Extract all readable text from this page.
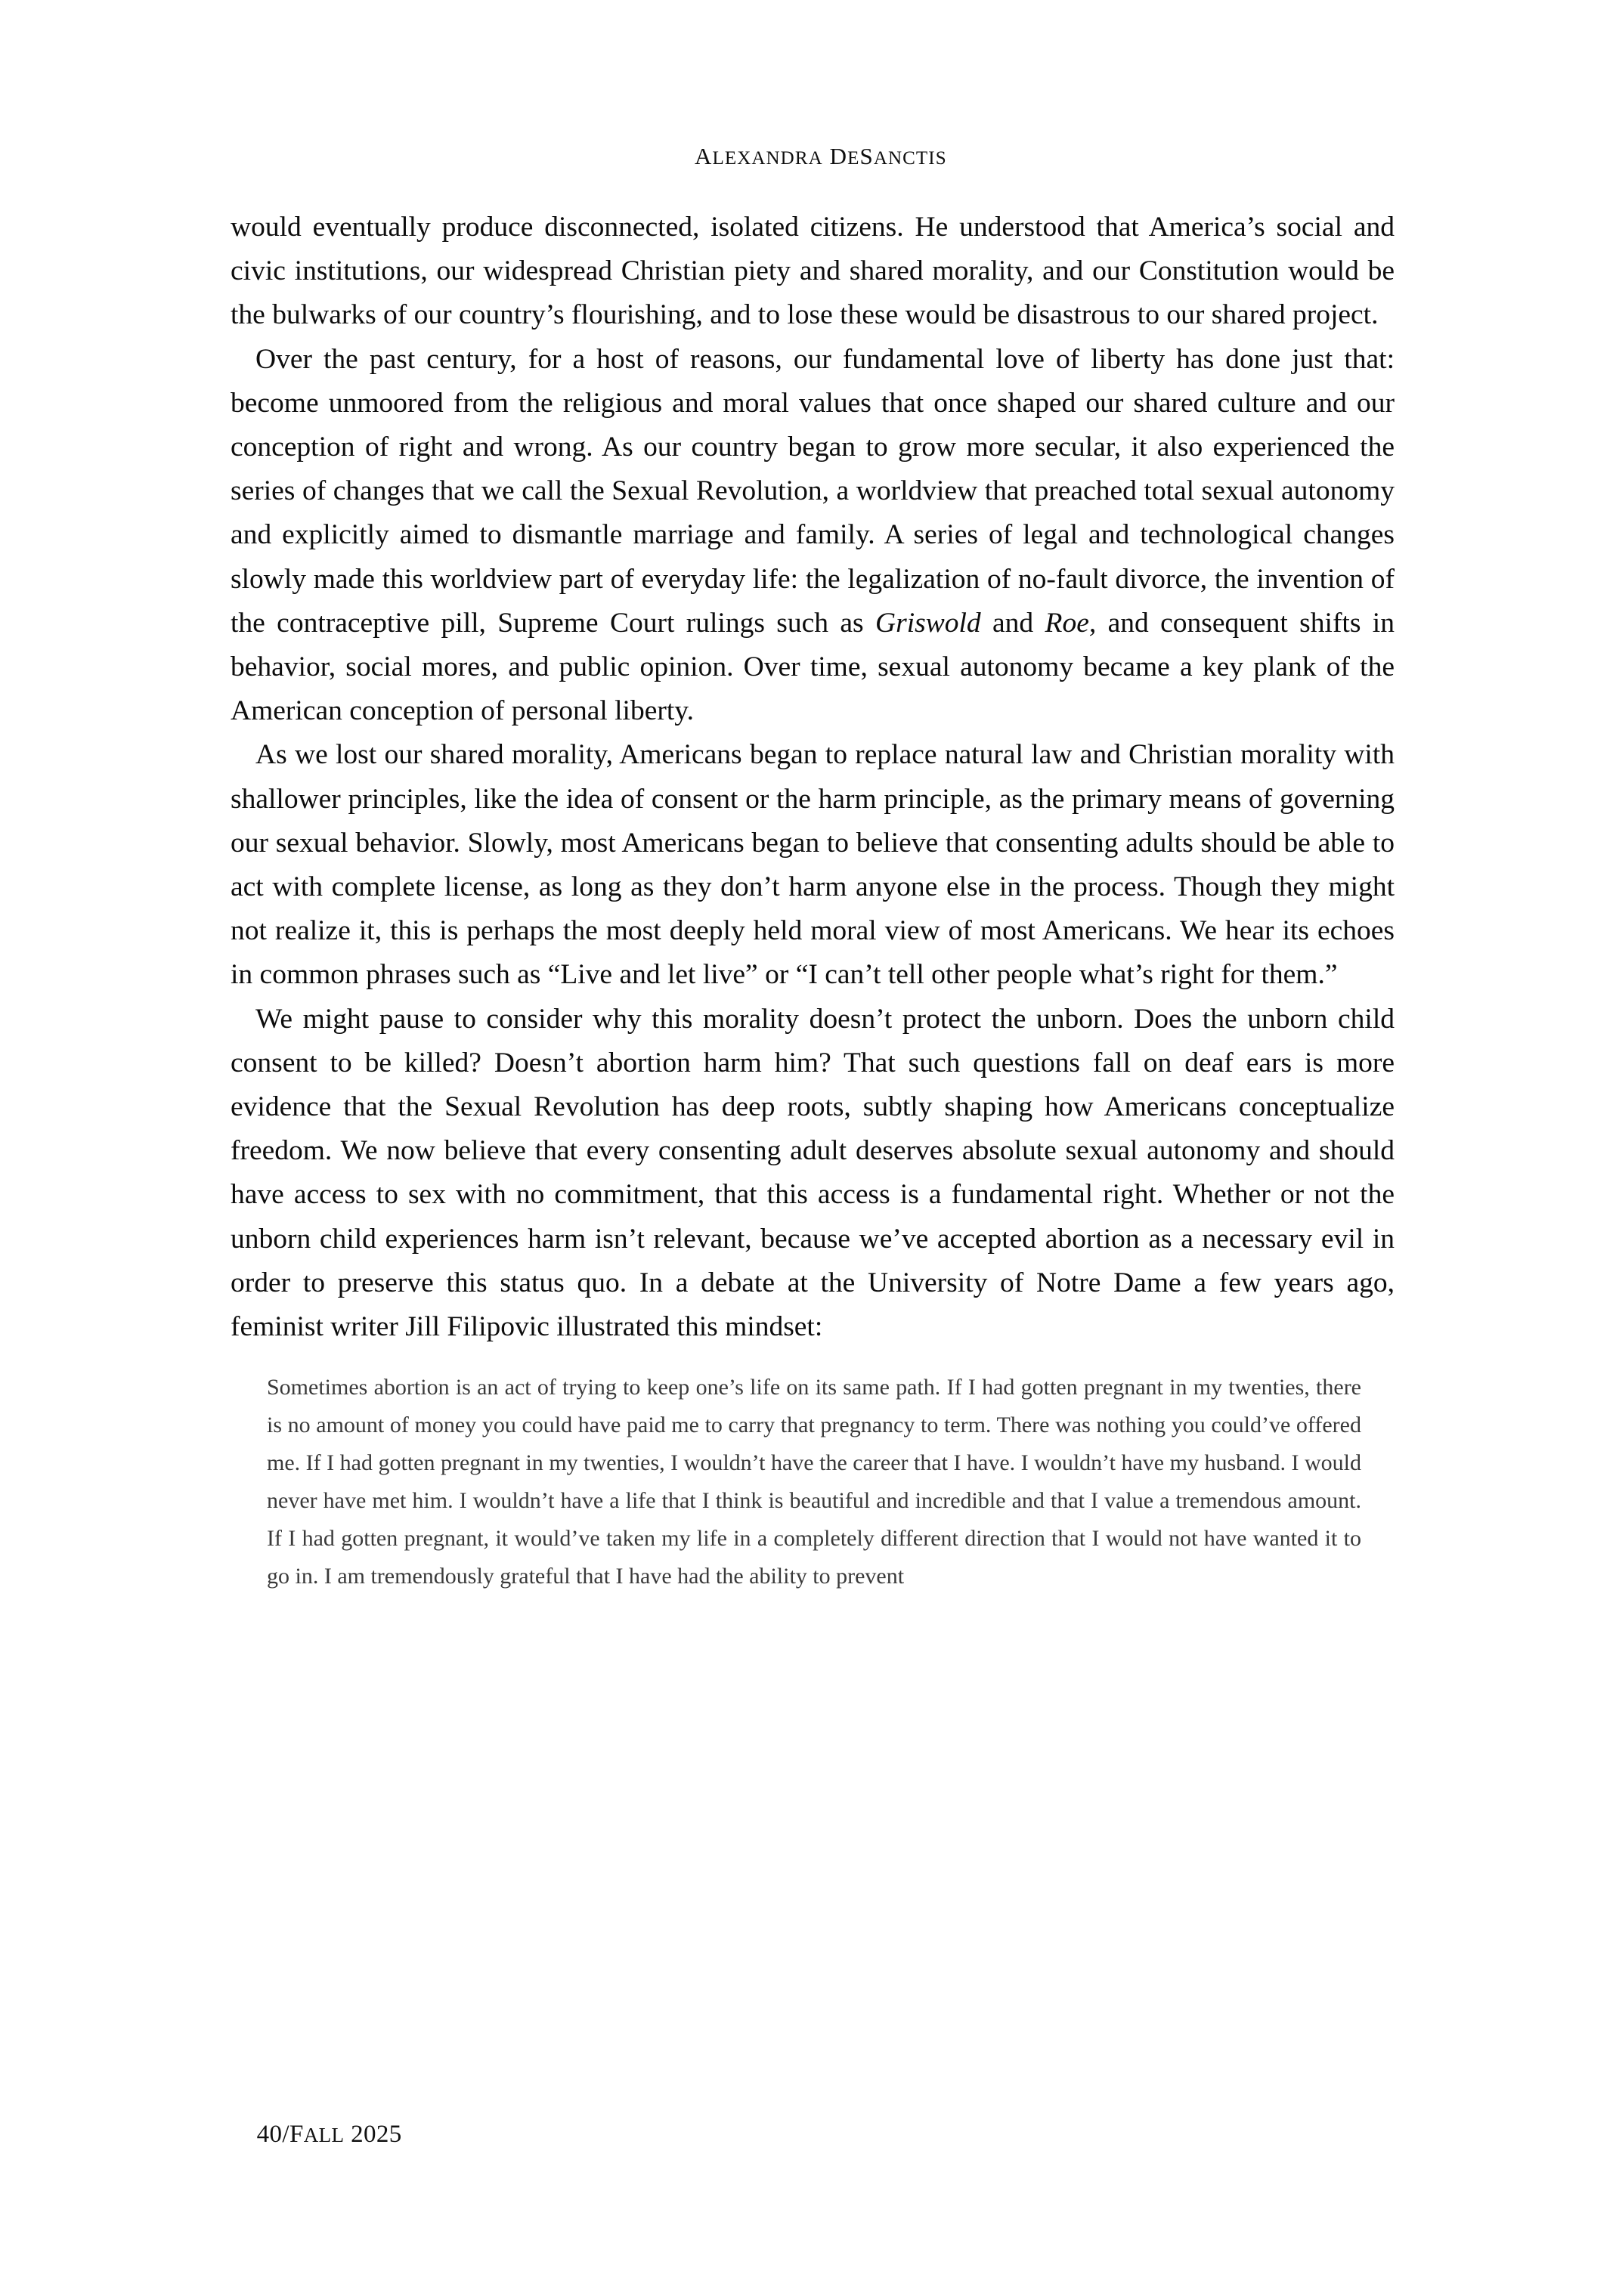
ALEXANDRA DESANCTIS

would eventually produce disconnected, isolated citizens. He understood that America’s social and civic institutions, our widespread Christian piety and shared morality, and our Constitution would be the bulwarks of our country’s flourishing, and to lose these would be disastrous to our shared project.

Over the past century, for a host of reasons, our fundamental love of liberty has done just that: become unmoored from the religious and moral values that once shaped our shared culture and our conception of right and wrong. As our country began to grow more secular, it also experienced the series of changes that we call the Sexual Revolution, a worldview that preached total sexual autonomy and explicitly aimed to dismantle marriage and family. A series of legal and technological changes slowly made this worldview part of everyday life: the legalization of no-fault divorce, the invention of the contraceptive pill, Supreme Court rulings such as Griswold and Roe, and consequent shifts in behavior, social mores, and public opinion. Over time, sexual autonomy became a key plank of the American conception of personal liberty.

As we lost our shared morality, Americans began to replace natural law and Christian morality with shallower principles, like the idea of consent or the harm principle, as the primary means of governing our sexual behavior. Slowly, most Americans began to believe that consenting adults should be able to act with complete license, as long as they don’t harm anyone else in the process. Though they might not realize it, this is perhaps the most deeply held moral view of most Americans. We hear its echoes in common phrases such as “Live and let live” or “I can’t tell other people what’s right for them.”

We might pause to consider why this morality doesn’t protect the unborn. Does the unborn child consent to be killed? Doesn’t abortion harm him? That such questions fall on deaf ears is more evidence that the Sexual Revolution has deep roots, subtly shaping how Americans conceptualize freedom. We now believe that every consenting adult deserves absolute sexual autonomy and should have access to sex with no commitment, that this access is a fundamental right. Whether or not the unborn child experiences harm isn’t relevant, because we’ve accepted abortion as a necessary evil in order to preserve this status quo. In a debate at the University of Notre Dame a few years ago, feminist writer Jill Filipovic illustrated this mindset:

Sometimes abortion is an act of trying to keep one’s life on its same path. If I had gotten pregnant in my twenties, there is no amount of money you could have paid me to carry that pregnancy to term. There was nothing you could’ve offered me. If I had gotten pregnant in my twenties, I wouldn’t have the career that I have. I wouldn’t have my husband. I would never have met him. I wouldn’t have a life that I think is beautiful and incredible and that I value a tremendous amount. If I had gotten pregnant, it would’ve taken my life in a completely different direction that I would not have wanted it to go in. I am tremendously grateful that I have had the ability to prevent

40/FALL 2025
